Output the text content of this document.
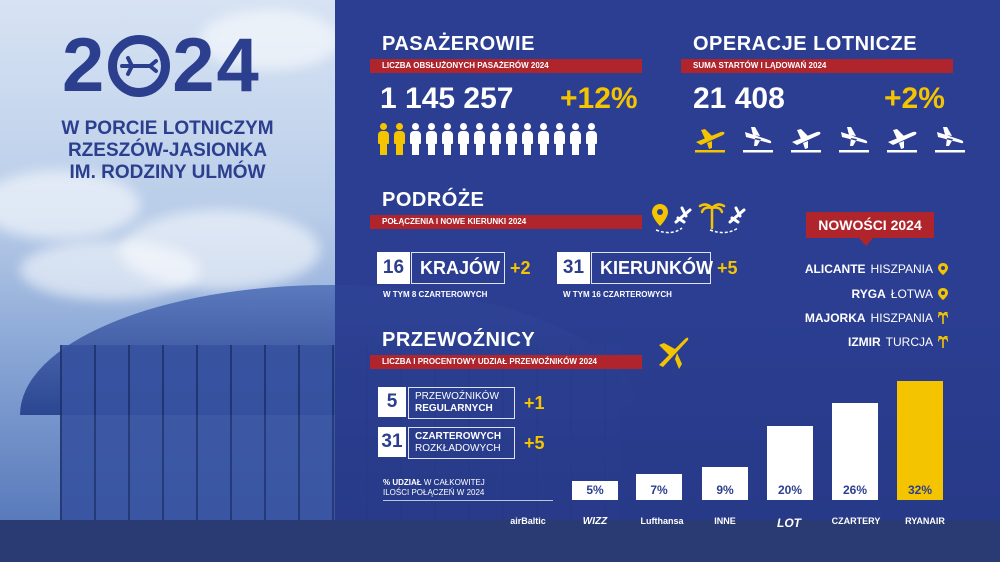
2 24
W PORCIE LOTNICZYM
RZESZÓW-JASIONKA
IM. RODZINY ULMÓW
PASAŻEROWIE
LICZBA OBSŁUŻONYCH PASAŻERÓW 2024
1 145 257 +12%
OPERACJE LOTNICZE
SUMA STARTÓW I LĄDOWAŃ 2024
21 408	+2%
PODRÓŻE
POŁĄCZENIA I NOWE KIERUNKI 2024
16 KRAJÓW +2
W TYM 8 CZARTEROWYCH
31 KIERUNKÓW +5
W TYM 16 CZARTEROWYCH
NOWOŚCI 2024
ALICANTE HISZPANIA
RYGA ŁOTWA
MAJORKA HISZPANIA
IZMIR TURCJA
PRZEWOŹNICY
LICZBA I PROCENTOWY UDZIAŁ PRZEWOŹNIKÓW 2024
5	PRZEWOŹNIKÓW
REGULARNYCH	+1
31	CZARTEROWYCH
ROZKŁADOWYCH	+5
% UDZIAŁ W CAŁKOWITEJ
ILOŚCI POŁĄCZEŃ W 2024	5%	7%	9%	20%	26%	32%
airBaltic	WIZZ	Lufthansa	INNE	LOT	CZARTERY	RYANAIR
